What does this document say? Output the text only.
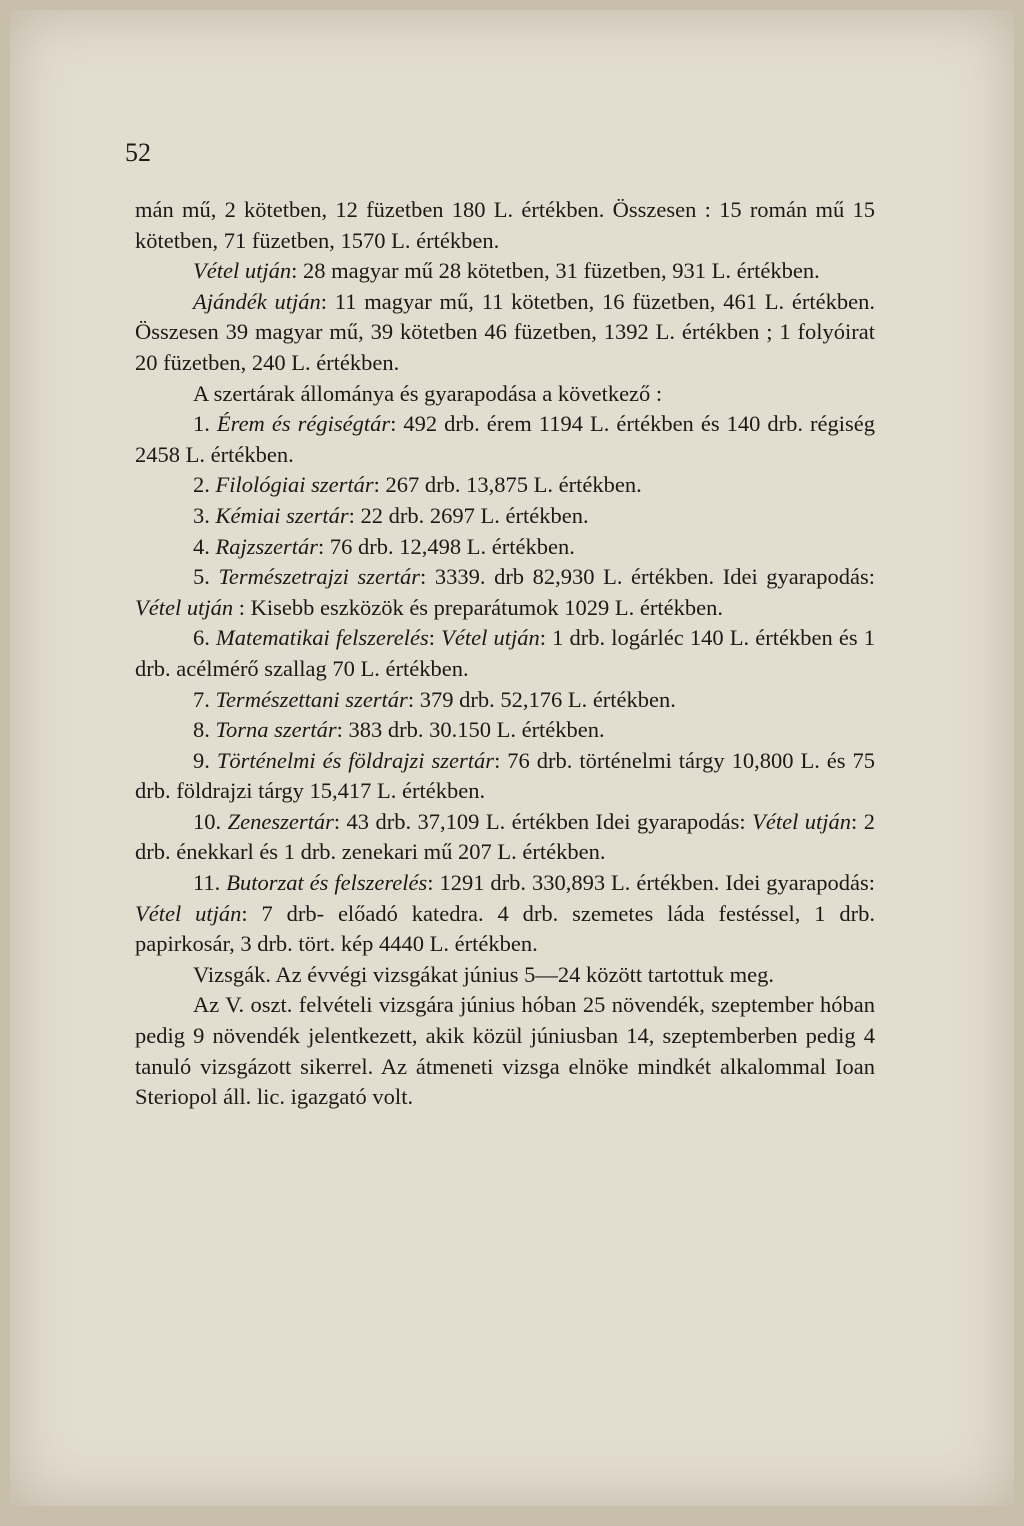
52

mán mű, 2 kötetben, 12 füzetben 180 L. értékben. Összesen : 15 román mű 15 kötetben, 71 füzetben, 1570 L. értékben.

Vétel utján: 28 magyar mű 28 kötetben, 31 füzetben, 931 L. értékben.

Ajándék utján: 11 magyar mű, 11 kötetben, 16 füzetben, 461 L. értékben. Összesen 39 magyar mű, 39 kötetben 46 füzetben, 1392 L. értékben ; 1 folyóirat 20 füzetben, 240 L. értékben.

A szertárak állománya és gyarapodása a következő :

1. Érem és régiségtár: 492 drb. érem 1194 L. értékben és 140 drb. régiség 2458 L. értékben.

2. Filológiai szertár: 267 drb. 13,875 L. értékben.

3. Kémiai szertár: 22 drb. 2697 L. értékben.

4. Rajzszertár: 76 drb. 12,498 L. értékben.

5. Természetrajzi szertár: 3339. drb 82,930 L. értékben. Idei gyarapodás: Vétel utján : Kisebb eszközök és preparátumok 1029 L. értékben.

6. Matematikai felszerelés: Vétel utján: 1 drb. logárléc 140 L. értékben és 1 drb. acélmérő szallag 70 L. értékben.

7. Természettani szertár: 379 drb. 52,176 L. értékben.

8. Torna szertár: 383 drb. 30.150 L. értékben.

9. Történelmi és földrajzi szertár: 76 drb. történelmi tárgy 10,800 L. és 75 drb. földrajzi tárgy 15,417 L. értékben.

10. Zeneszertár: 43 drb. 37,109 L. értékben Idei gyarapodás: Vétel utján: 2 drb. énekkarl és 1 drb. zenekari mű 207 L. értékben.

11. Butorzat és felszerelés: 1291 drb. 330,893 L. értékben. Idei gyarapodás: Vétel utján: 7 drb- előadó katedra. 4 drb. szemetes láda festéssel, 1 drb. papirkosár, 3 drb. tört. kép 4440 L. értékben.

Vizsgák. Az évvégi vizsgákat június 5—24 között tartottuk meg.

Az V. oszt. felvételi vizsgára június hóban 25 növendék, szeptember hóban pedig 9 növendék jelentkezett, akik közül júniusban 14, szeptemberben pedig 4 tanuló vizsgázott sikerrel. Az átmeneti vizsga elnöke mindkét alkalommal Ioan Steriopol áll. lic. igazgató volt.
